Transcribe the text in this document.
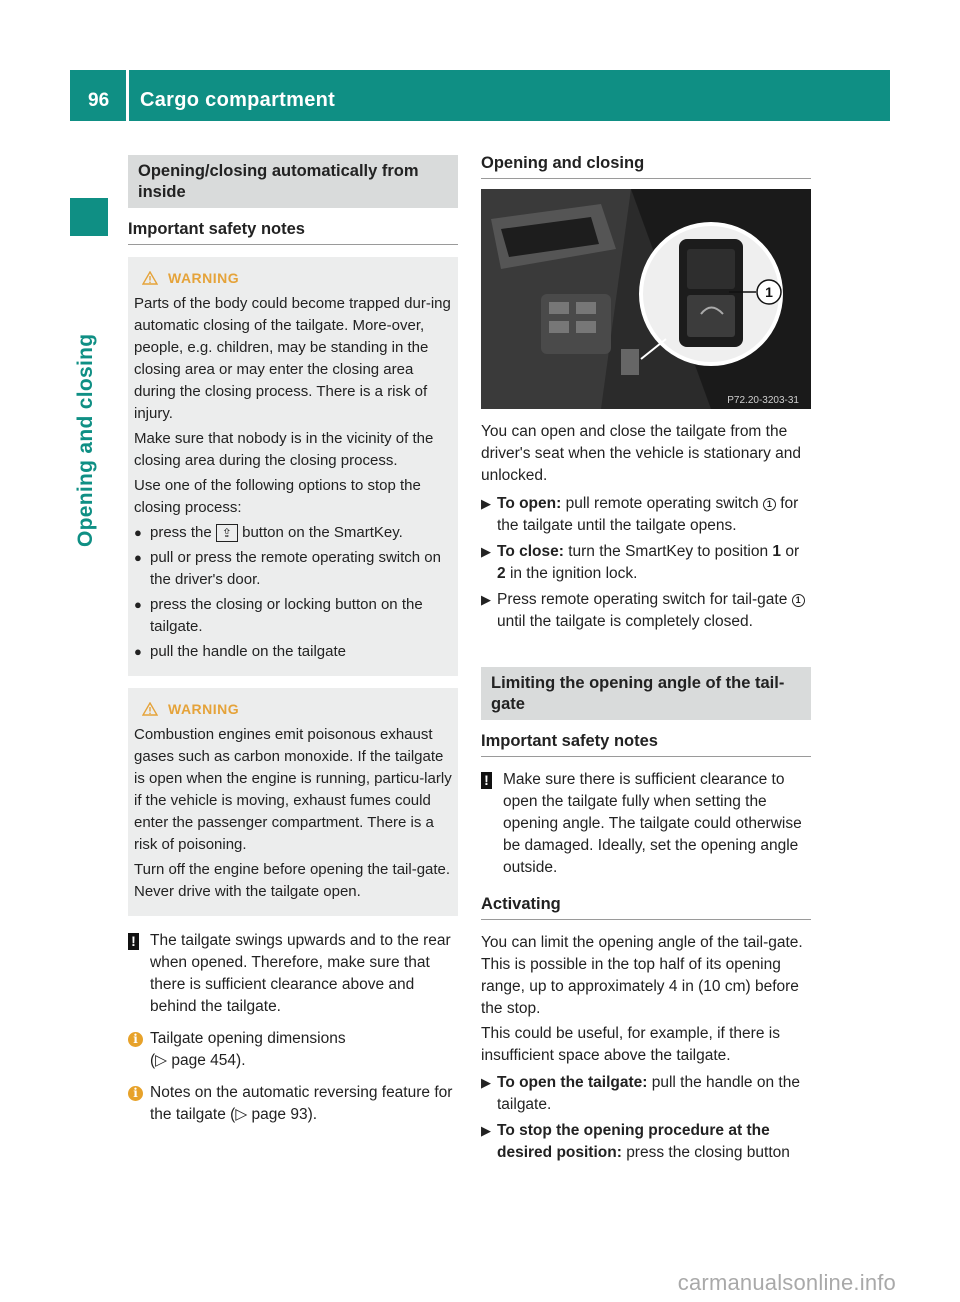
96 Cargo compartment
Opening and closing
Opening/closing automatically from inside
Important safety notes
WARNING

Parts of the body could become trapped dur-ing automatic closing of the tailgate. More-over, people, e.g. children, may be standing in the closing area or may enter the closing area during the closing process. There is a risk of injury.

Make sure that nobody is in the vicinity of the closing area during the closing process.

Use one of the following options to stop the closing process:

● press the ⇪ button on the SmartKey.
● pull or press the remote operating switch on the driver's door.
● press the closing or locking button on the tailgate.
● pull the handle on the tailgate
WARNING

Combustion engines emit poisonous exhaust gases such as carbon monoxide. If the tailgate is open when the engine is running, particu-larly if the vehicle is moving, exhaust fumes could enter the passenger compartment. There is a risk of poisoning.

Turn off the engine before opening the tail-gate. Never drive with the tailgate open.

! The tailgate swings upwards and to the rear when opened. Therefore, make sure that there is sufficient clearance above and behind the tailgate.
i Tailgate opening dimensions
(▷ page 454).
i Notes on the automatic reversing feature for the tailgate (▷ page 93).
Opening and closing
1
P72.20-3203-31

You can open and close the tailgate from the driver's seat when the vehicle is stationary and unlocked.

▶ To open: pull remote operating switch 1 for the tailgate until the tailgate opens.
▶ To close: turn the SmartKey to position 1 or 2 in the ignition lock.
▶ Press remote operating switch for tail-gate 1 until the tailgate is completely closed.
Limiting the opening angle of the tail-gate
Important safety notes
! Make sure there is sufficient clearance to open the tailgate fully when setting the opening angle. The tailgate could otherwise be damaged. Ideally, set the opening angle outside.
Activating

You can limit the opening angle of the tail-gate. This is possible in the top half of its opening range, up to approximately 4 in (10 cm) before the stop.

This could be useful, for example, if there is insufficient space above the tailgate.

▶ To open the tailgate: pull the handle on the tailgate.
▶ To stop the opening procedure at the desired position: press the closing button
carmanualsonline.info
